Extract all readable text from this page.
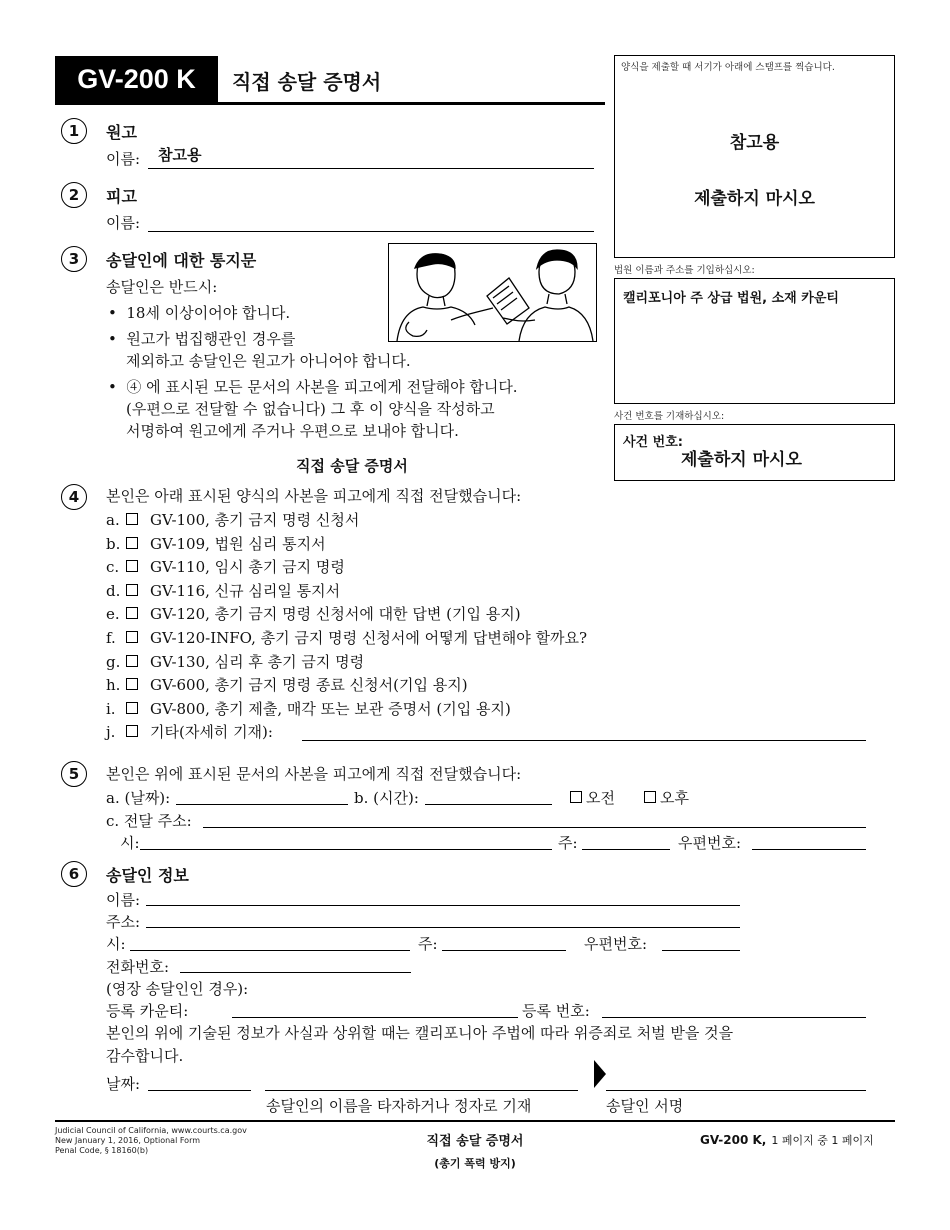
GV-200 K	직접 송달 증명서
양식을 제출할 때 서기가 아래에 스탬프를 찍습니다.
참고용
제출하지 마시오
법원 이름과 주소를 기입하십시오:
캘리포니아 주 상급 법원, 소재 카운티
사건 번호를 기재하십시오:
사건 번호:
제출하지 마시오
1	원고
이름: 참고용
2	피고
이름:
3	송달인에 대한 통지문
송달인은 반드시:
•  18세 이상이어야 합니다.
•  원고가 법집행관인 경우를
제외하고 송달인은 원고가 아니어야 합니다.
•  ④ 에 표시된 모든 문서의 사본을 피고에게 전달해야 합니다.
(우편으로 전달할 수 없습니다) 그 후 이 양식을 작성하고
서명하여 원고에게 주거나 우편으로 보내야 합니다.
직접 송달 증명서
4	본인은 아래 표시된 양식의 사본을 피고에게 직접 전달했습니다:
a. GV-100, 총기 금지 명령 신청서
b. GV-109, 법원 심리 통지서
c. GV-110, 임시 총기 금지 명령
d. GV-116, 신규 심리일 통지서
e. GV-120, 총기 금지 명령 신청서에 대한 답변 (기입 용지)
f. GV-120-INFO, 총기 금지 명령 신청서에 어떻게 답변해야 할까요?
g. GV-130, 심리 후 총기 금지 명령
h. GV-600, 총기 금지 명령 종료 신청서(기입 용지)
i. GV-800, 총기 제출, 매각 또는 보관 증명서 (기입 용지)
j. 기타(자세히 기재):
5	본인은 위에 표시된 문서의 사본을 피고에게 직접 전달했습니다:
a. (날짜):	b. (시간):	오전	오후
c. 전달 주소:
시:	주:	우편번호:
6	송달인 정보
이름:
주소:
시:	주:	우편번호:
전화번호:
(영장 송달인인 경우):
등록 카운티:	등록 번호:
본인의 위에 기술된 정보가 사실과 상위할 때는 캘리포니아 주법에 따라 위증죄로 처벌 받을 것을
감수합니다.
날짜:
송달인의 이름을 타자하거나 정자로 기재	송달인 서명
Judicial Council of California, www.courts.ca.gov
New January 1, 2016, Optional Form
Penal Code, § 18160(b)
직접 송달 증명서
(총기 폭력 방지)
GV-200 K, 1 페이지 중 1 페이지
